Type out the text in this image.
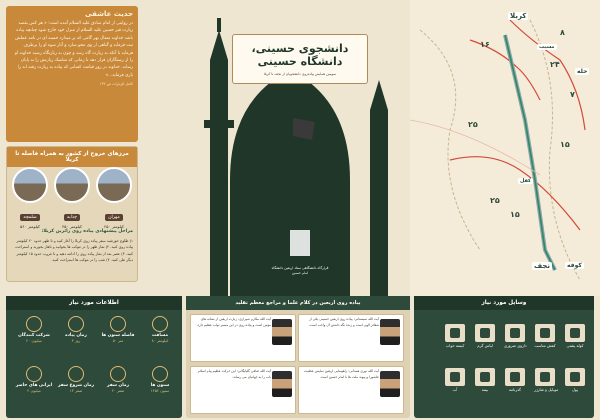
حدیث عاشقی
در روایتی از امام صادق علیه السلام آمده است: « هر کس بقصد زیارت قبر حسین علیه السلام از منزل خود خارج شود چنانچه پیاده باشد خداوند متعال بهر گامی که بر میدارد حسنه ای در نامه عملش ثبت فرماید و گناهی از وی محو سازد و آثار سوء او را برطرف فرماید تا آنکه به زیارت گاه رسد و چون به زیارتگاه رسید خداوند او را از رستگاران قرار دهد تا زمانی که مناسک زیارتش را به پایان رساند. خداوند در روز قیامت کسانی که پیاده به زیارت رفته اند را یاری فرماید...»
کامل الزیارات ص ۱۳۳
مرزهای خروج از کشور به همراه فاصله تا کربلا
شلمچه
۵۶۰ کیلومتر
چذابه
۳۵۰ کیلومتر
مهران
۲۵۰ کیلومتر
مراحل پیشنهادی پیاده روی زائرین کربلا:
۱) طلوع خورشید سفر پیاده روی کربلا را آغاز کنید و تا ظهر حدود ۲۰ کیلومتر پیاده روی کنید. ۲) نماز ظهر را در موکب ها بخوانید و ناهار بخورید و استراحت کنید. ۳) عصر بعد از نماز پیاده روی را ادامه دهید و تا غروب حدود ۱۵ کیلومتر دیگر طی کنید. ۴) شب را در موکب ها استراحت کنید.
دانشجوی حسینی، دانشگاه حسینی
سومین همایش پیاده‌روی دانشجویان از نجف تا کربلا
قرارگاه دانشگاهی ستاد اربعین دانشگاه امام حسین
کربلا
حله
مسیب
کفل
نجف	کوفه
۱۶
۸
۲۴
۲۵
۷
۱۵
۲۵
۱۵
اطلاعات مورد نیاز
مسافت
۸۰ کیلومتر
فاصله ستون ها
۵۰ متر
زمان پیاده
۳ روز
شرکت کنندگان
۲۰ میلیون
ستون ها
۱۴۵۲ ستون
زمان سفر
۲۰ صفر
زمان شروع سفر
۱۳ صفر
ایرانی های حاضر
۲ میلیون
پیاده روی اربعین در کلام علما و مراجع معظم تقلید
آیت الله سیستانی: پیاده روی اربعین حسینی یکی از شعائر الهی است و زنده نگه داشتن آن واجب است.
آیت الله مکارم شیرازی: زیارت اربعین از نشانه های مؤمن است و پیاده روی در این مسیر ثواب عظیم دارد.
آیت الله نوری همدانی: راهپیمایی اربعین نمایش عظمت عاشورا و پیوند ملت ها با امام حسین است.
آیت الله صافی گلپایگانی: این حرکت عظیم پیام اسلام ناب را به جهانیان می رساند.
وسایل مورد نیاز
کوله پشتی
کفش مناسب
داروی ضروری
لباس گرم
کیسه خواب
پول
موبایل و شارژر
گذرنامه
بیمه
آب
